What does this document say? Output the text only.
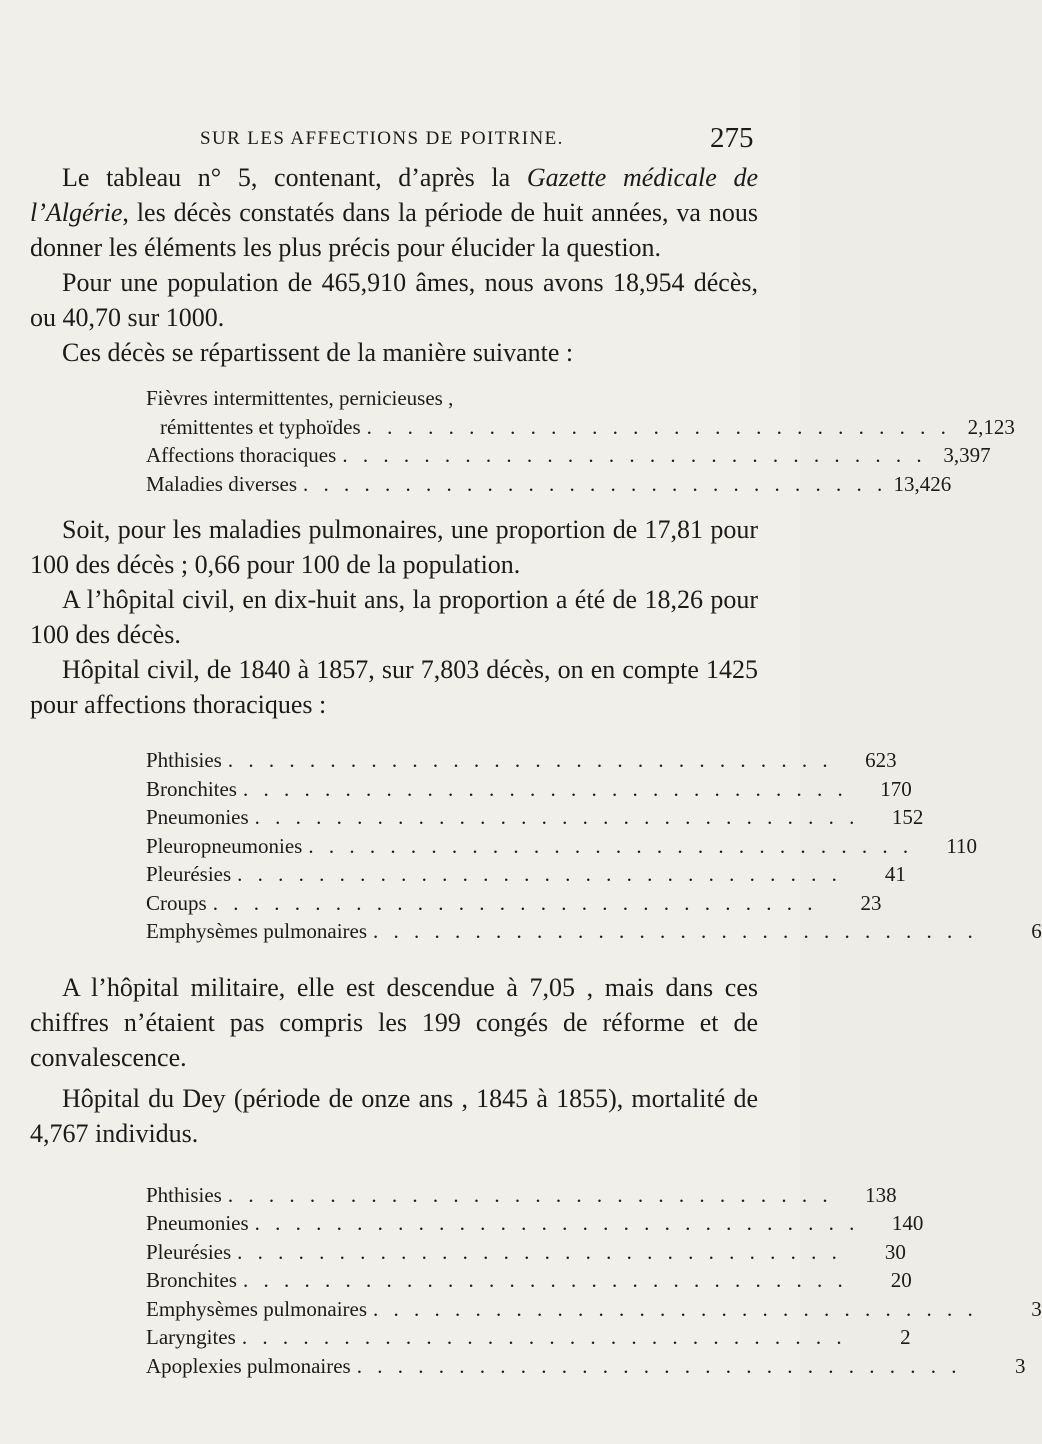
SUR LES AFFECTIONS DE POITRINE.	275

Le tableau n° 5, contenant, d’après la Gazette médicale de l’Algérie, les décès constatés dans la période de huit années, va nous donner les éléments les plus précis pour élucider la question.

Pour une population de 465,910 âmes, nous avons 18,954 décès, ou 40,70 sur 1000.

Ces décès se répartissent de la manière suivante :

Fièvres intermittentes, pernicieuses ,
rémittentes et typhoïdes . . . . . . . . . . . . . . . . . . . . . . . . . . . . . 2,123
Affections thoraciques . . . . . . . . . . . . . . . . . . . . . . . . . . . . . 3,397
Maladies diverses . . . . . . . . . . . . . . . . . . . . . . . . . . . . . 13,426

Soit, pour les maladies pulmonaires, une proportion de 17,81 pour 100 des décès ; 0,66 pour 100 de la population.

A l’hôpital civil, en dix-huit ans, la proportion a été de 18,26 pour 100 des décès.

Hôpital civil, de 1840 à 1857, sur 7,803 décès, on en compte 1425 pour affections thoraciques :

Phthisies . . . . . . . . . . . . . . . . . . . . . . . . . . . . . .	623
Bronchites . . . . . . . . . . . . . . . . . . . . . . . . . . . . . .	170
Pneumonies . . . . . . . . . . . . . . . . . . . . . . . . . . . . . .	152
Pleuropneumonies . . . . . . . . . . . . . . . . . . . . . . . . . . . . . .	110
Pleurésies . . . . . . . . . . . . . . . . . . . . . . . . . . . . . .	41
Croups . . . . . . . . . . . . . . . . . . . . . . . . . . . . . .	23
Emphysèmes pulmonaires . . . . . . . . . . . . . . . . . . . . . . . . . . . . . .	6

A l’hôpital militaire, elle est descendue à 7,05 , mais dans ces chiffres n’étaient pas compris les 199 congés de réforme et de convalescence.

Hôpital du Dey (période de onze ans , 1845 à 1855), mortalité de 4,767 individus.

Phthisies . . . . . . . . . . . . . . . . . . . . . . . . . . . . . .	138
Pneumonies . . . . . . . . . . . . . . . . . . . . . . . . . . . . . .	140
Pleurésies . . . . . . . . . . . . . . . . . . . . . . . . . . . . . .	30
Bronchites . . . . . . . . . . . . . . . . . . . . . . . . . . . . . .	20
Emphysèmes pulmonaires . . . . . . . . . . . . . . . . . . . . . . . . . . . . . .	3
Laryngites . . . . . . . . . . . . . . . . . . . . . . . . . . . . . .	2
Apoplexies pulmonaires . . . . . . . . . . . . . . . . . . . . . . . . . . . . . .	3
